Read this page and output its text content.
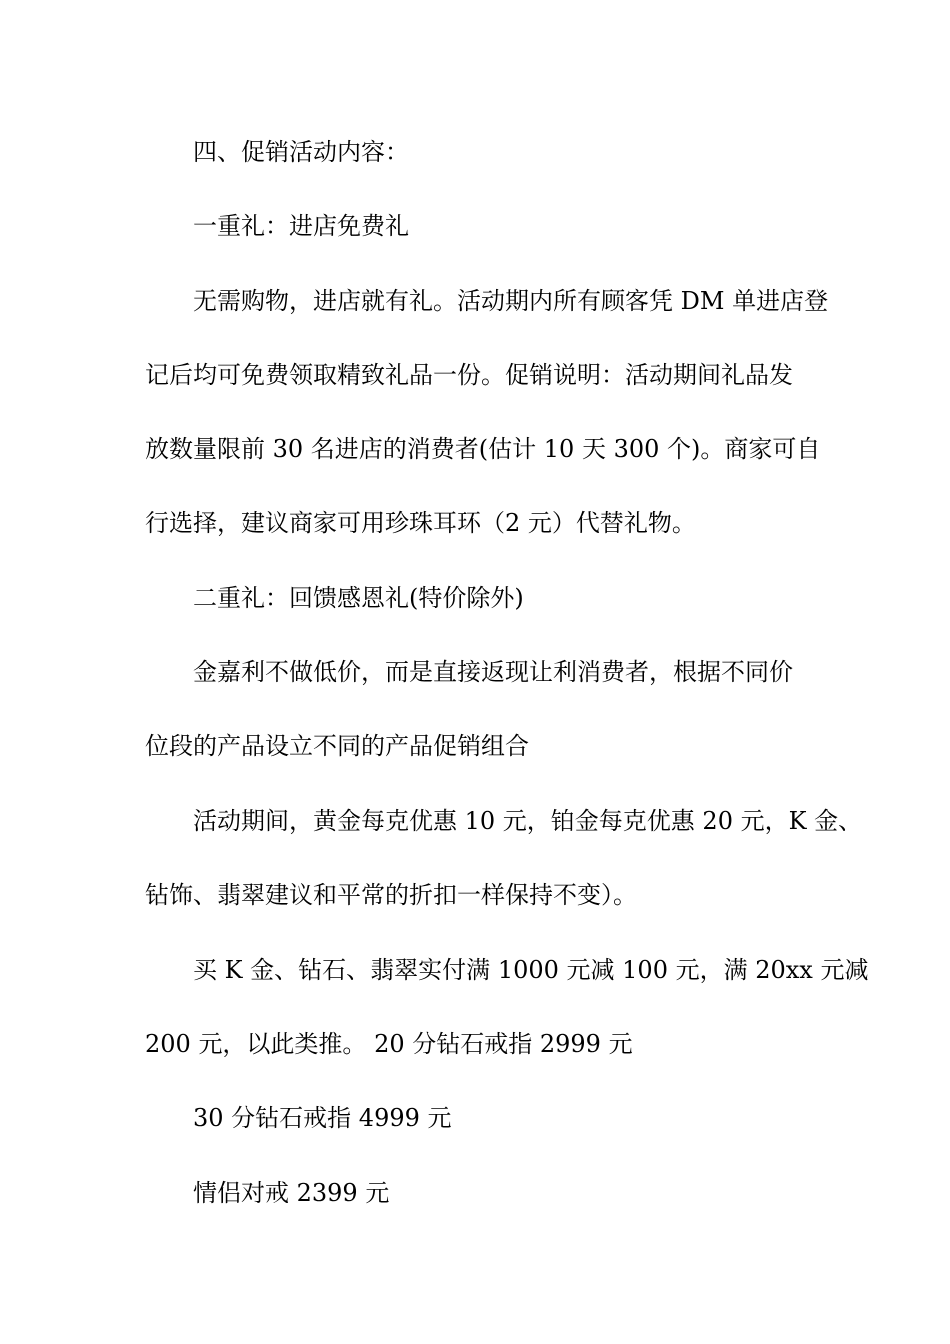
四、促销活动内容：
一重礼：进店免费礼
无需购物，进店就有礼。活动期内所有顾客凭 DM 单进店登
记后均可免费领取精致礼品一份。促销说明：活动期间礼品发
放数量限前 30 名进店的消费者(估计 10 天 300 个)。商家可自
行选择，建议商家可用珍珠耳环（2 元）代替礼物。
二重礼：回馈感恩礼(特价除外)
金嘉利不做低价，而是直接返现让利消费者，根据不同价
位段的产品设立不同的产品促销组合
活动期间，黄金每克优惠 10 元，铂金每克优惠 20 元，K 金、
钻饰、翡翠建议和平常的折扣一样保持不变）。
买 K 金、钻石、翡翠实付满 1000 元减 100 元，满 20xx 元减
200 元，以此类推。 20 分钻石戒指 2999 元
30 分钻石戒指 4999 元
情侣对戒 2399 元
